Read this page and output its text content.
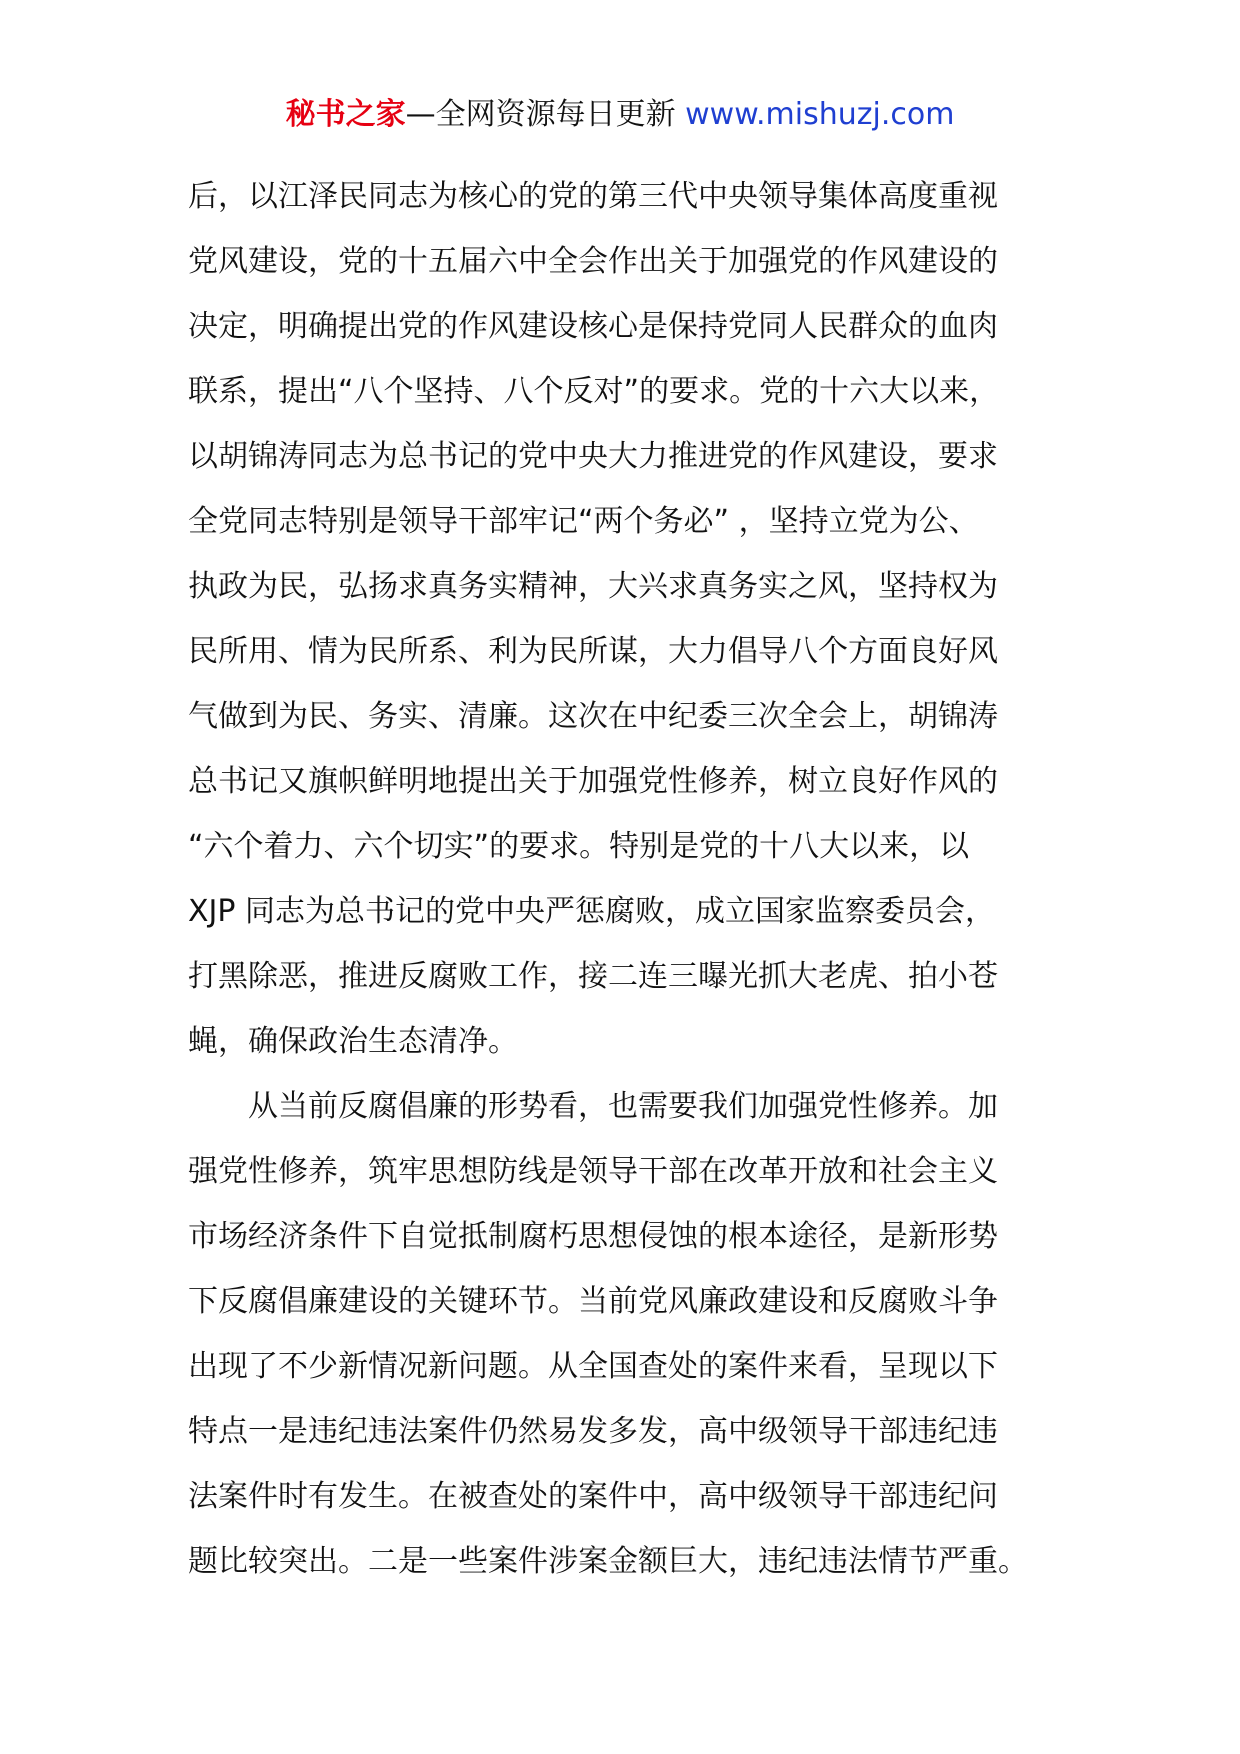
秘书之家—全网资源每日更新 www.mishuzj.com
后，以江泽民同志为核心的党的第三代中央领导集体高度重视
党风建设，党的十五届六中全会作出关于加强党的作风建设的
决定，明确提出党的作风建设核心是保持党同人民群众的血肉
联系，提出“八个坚持、八个反对”的要求。党的十六大以来，
以胡锦涛同志为总书记的党中央大力推进党的作风建设，要求
全党同志特别是领导干部牢记“两个务必” ，坚持立党为公、
执政为民，弘扬求真务实精神，大兴求真务实之风，坚持权为
民所用、情为民所系、利为民所谋，大力倡导八个方面良好风
气做到为民、务实、清廉。这次在中纪委三次全会上，胡锦涛
总书记又旗帜鲜明地提出关于加强党性修养，树立良好作风的
“六个着力、六个切实”的要求。特别是党的十八大以来，以
XJP 同志为总书记的党中央严惩腐败，成立国家监察委员会，
打黑除恶，推进反腐败工作，接二连三曝光抓大老虎、拍小苍
蝇，确保政治生态清净。
从当前反腐倡廉的形势看，也需要我们加强党性修养。加
强党性修养，筑牢思想防线是领导干部在改革开放和社会主义
市场经济条件下自觉抵制腐朽思想侵蚀的根本途径，是新形势
下反腐倡廉建设的关键环节。当前党风廉政建设和反腐败斗争
出现了不少新情况新问题。从全国查处的案件来看，呈现以下
特点一是违纪违法案件仍然易发多发，高中级领导干部违纪违
法案件时有发生。在被查处的案件中，高中级领导干部违纪问
题比较突出。二是一些案件涉案金额巨大，违纪违法情节严重。
